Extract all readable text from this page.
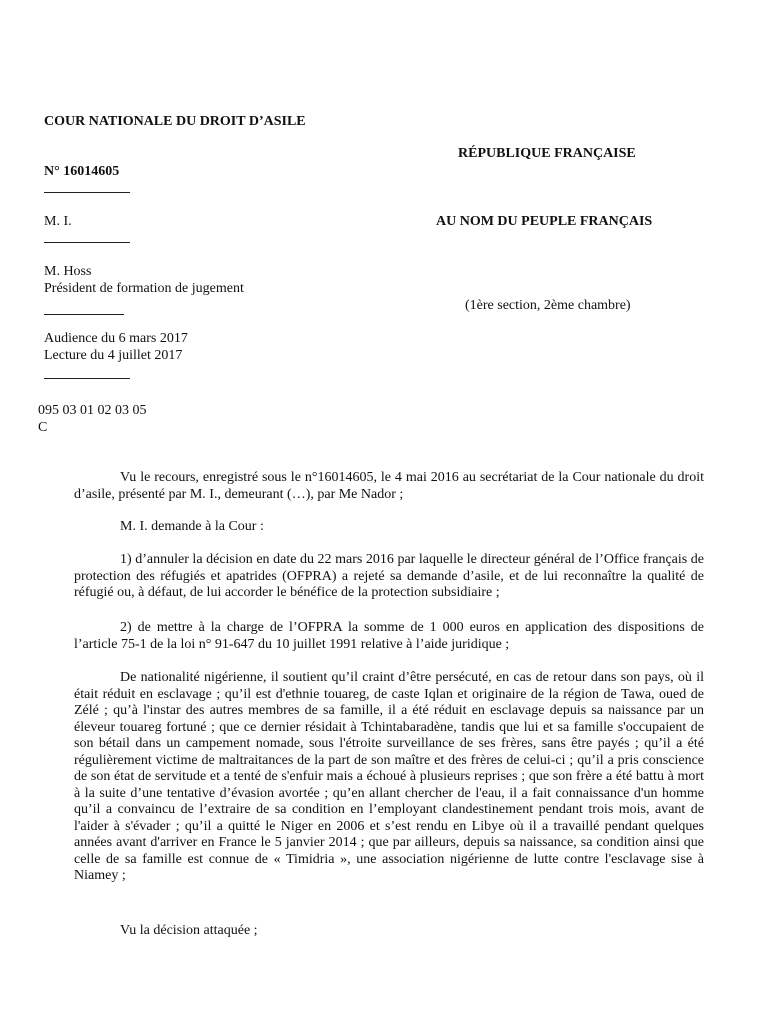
COUR NATIONALE DU DROIT D’ASILE
N° 16014605
M. I.
M. Hoss
Président de formation de jugement
Audience du 6 mars 2017
Lecture du 4 juillet 2017
095 03 01 02 03 05
C
RÉPUBLIQUE FRANÇAISE
AU NOM DU PEUPLE FRANÇAIS
(1ère section, 2ème chambre)
Vu le recours, enregistré sous le n°16014605, le 4 mai 2016 au secrétariat de la Cour nationale du droit d’asile, présenté par M. I., demeurant (…), par Me Nador ;
M. I. demande à la Cour :
1) d’annuler la décision en date du 22 mars 2016 par laquelle le directeur général de l’Office français de protection des réfugiés et apatrides (OFPRA) a rejeté sa demande d’asile, et de lui reconnaître la qualité de réfugié ou, à défaut, de lui accorder le bénéfice de la protection subsidiaire ;
2) de mettre à la charge de l’OFPRA la somme de 1 000 euros en application des dispositions de l’article 75-1 de la loi n° 91-647 du 10 juillet 1991 relative à l’aide juridique ;
De nationalité nigérienne, il soutient qu’il craint d’être persécuté, en cas de retour dans son pays, où il était réduit en esclavage ; qu’il est d'ethnie touareg, de caste Iqlan et originaire de la région de Tawa, oued de Zélé ; qu’à l'instar des autres membres de sa famille, il a été réduit en esclavage depuis sa naissance par un éleveur touareg fortuné ; que ce dernier résidait à Tchintabaradène, tandis que lui et sa famille s'occupaient de son bétail dans un campement nomade, sous l'étroite surveillance de ses frères, sans être payés ; qu’il a été régulièrement victime de maltraitances de la part de son maître et des frères de celui-ci ; qu’il a pris conscience de son état de servitude et a tenté de s'enfuir mais a échoué à plusieurs reprises ; que son frère a été battu à mort à la suite d’une tentative d’évasion avortée ; qu’en allant chercher de l'eau, il a fait connaissance d'un homme qu’il a convaincu de l’extraire de sa condition en l’employant clandestinement pendant trois mois, avant de l'aider à s'évader ; qu’il a quitté le Niger en 2006 et s’est rendu en Libye où il a travaillé pendant quelques années avant d'arriver en France le 5 janvier 2014 ; que par ailleurs, depuis sa naissance, sa condition ainsi que celle de sa famille est connue de « Timidria », une association nigérienne de lutte contre l'esclavage sise à Niamey ;
Vu la décision attaquée ;
